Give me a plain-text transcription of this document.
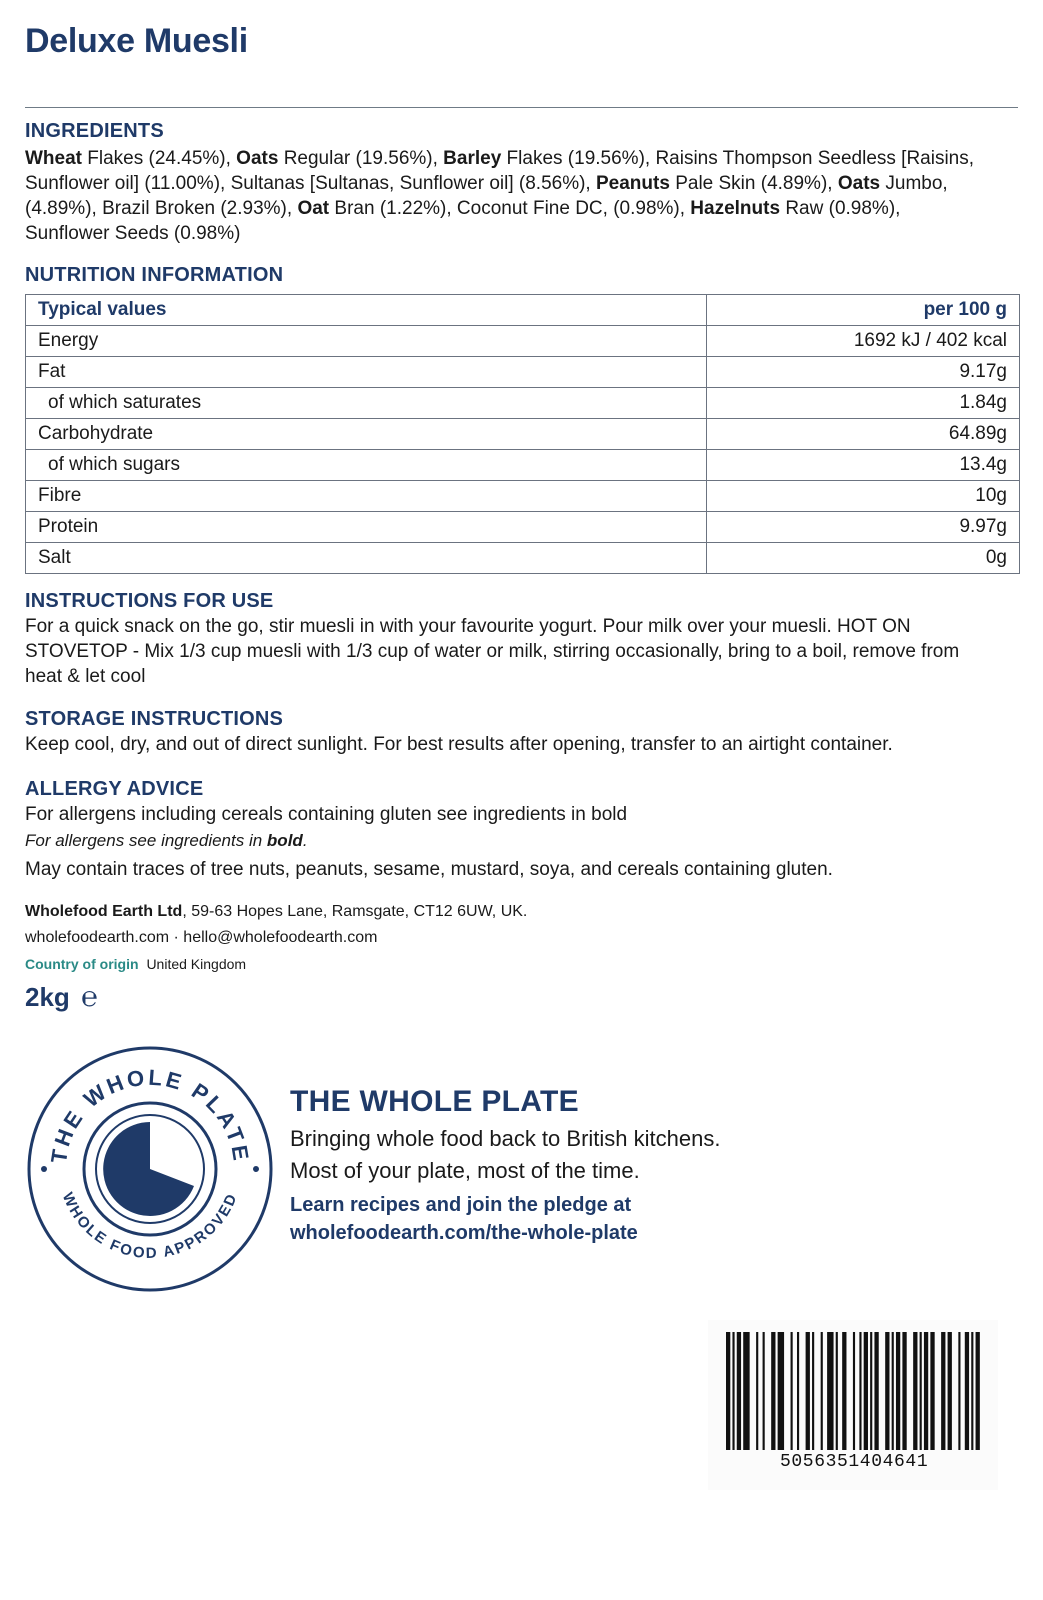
Deluxe Muesli
INGREDIENTS

Wheat Flakes (24.45%), Oats Regular (19.56%), Barley Flakes (19.56%), Raisins Thompson Seedless [Raisins, Sunflower oil] (11.00%), Sultanas [Sultanas, Sunflower oil] (8.56%), Peanuts Pale Skin (4.89%), Oats Jumbo, (4.89%), Brazil Broken (2.93%), Oat Bran (1.22%), Coconut Fine DC, (0.98%), Hazelnuts Raw (0.98%), Sunflower Seeds (0.98%)

NUTRITION INFORMATION
Typical values	per 100 g
Energy	1692 kJ / 402 kcal
Fat	9.17g
of which saturates	1.84g
Carbohydrate	64.89g
of which sugars	13.4g
Fibre	10g
Protein	9.97g
Salt	0g
INSTRUCTIONS FOR USE

For a quick snack on the go, stir muesli in with your favourite yogurt. Pour milk over your muesli. HOT ON STOVETOP - Mix 1/3 cup muesli with 1/3 cup of water or milk, stirring occasionally, bring to a boil, remove from heat & let cool

STORAGE INSTRUCTIONS

Keep cool, dry, and out of direct sunlight. For best results after opening, transfer to an airtight container.

ALLERGY ADVICE

For allergens including cereals containing gluten see ingredients in bold

For allergens see ingredients in bold.

May contain traces of tree nuts, peanuts, sesame, mustard, soya, and cereals containing gluten.

Wholefood Earth Ltd, 59-63 Hopes Lane, Ramsgate, CT12 6UW, UK.

wholefoodearth.com · hello@wholefoodearth.com

Country of origin United Kingdom

2kg ℮

THE WHOLE PLATE
WHOLE FOOD APPROVED

THE WHOLE PLATE

Bringing whole food back to British kitchens.

Most of your plate, most of the time.

Learn recipes and join the pledge at

wholefoodearth.com/the-whole-plate

5056351404641
